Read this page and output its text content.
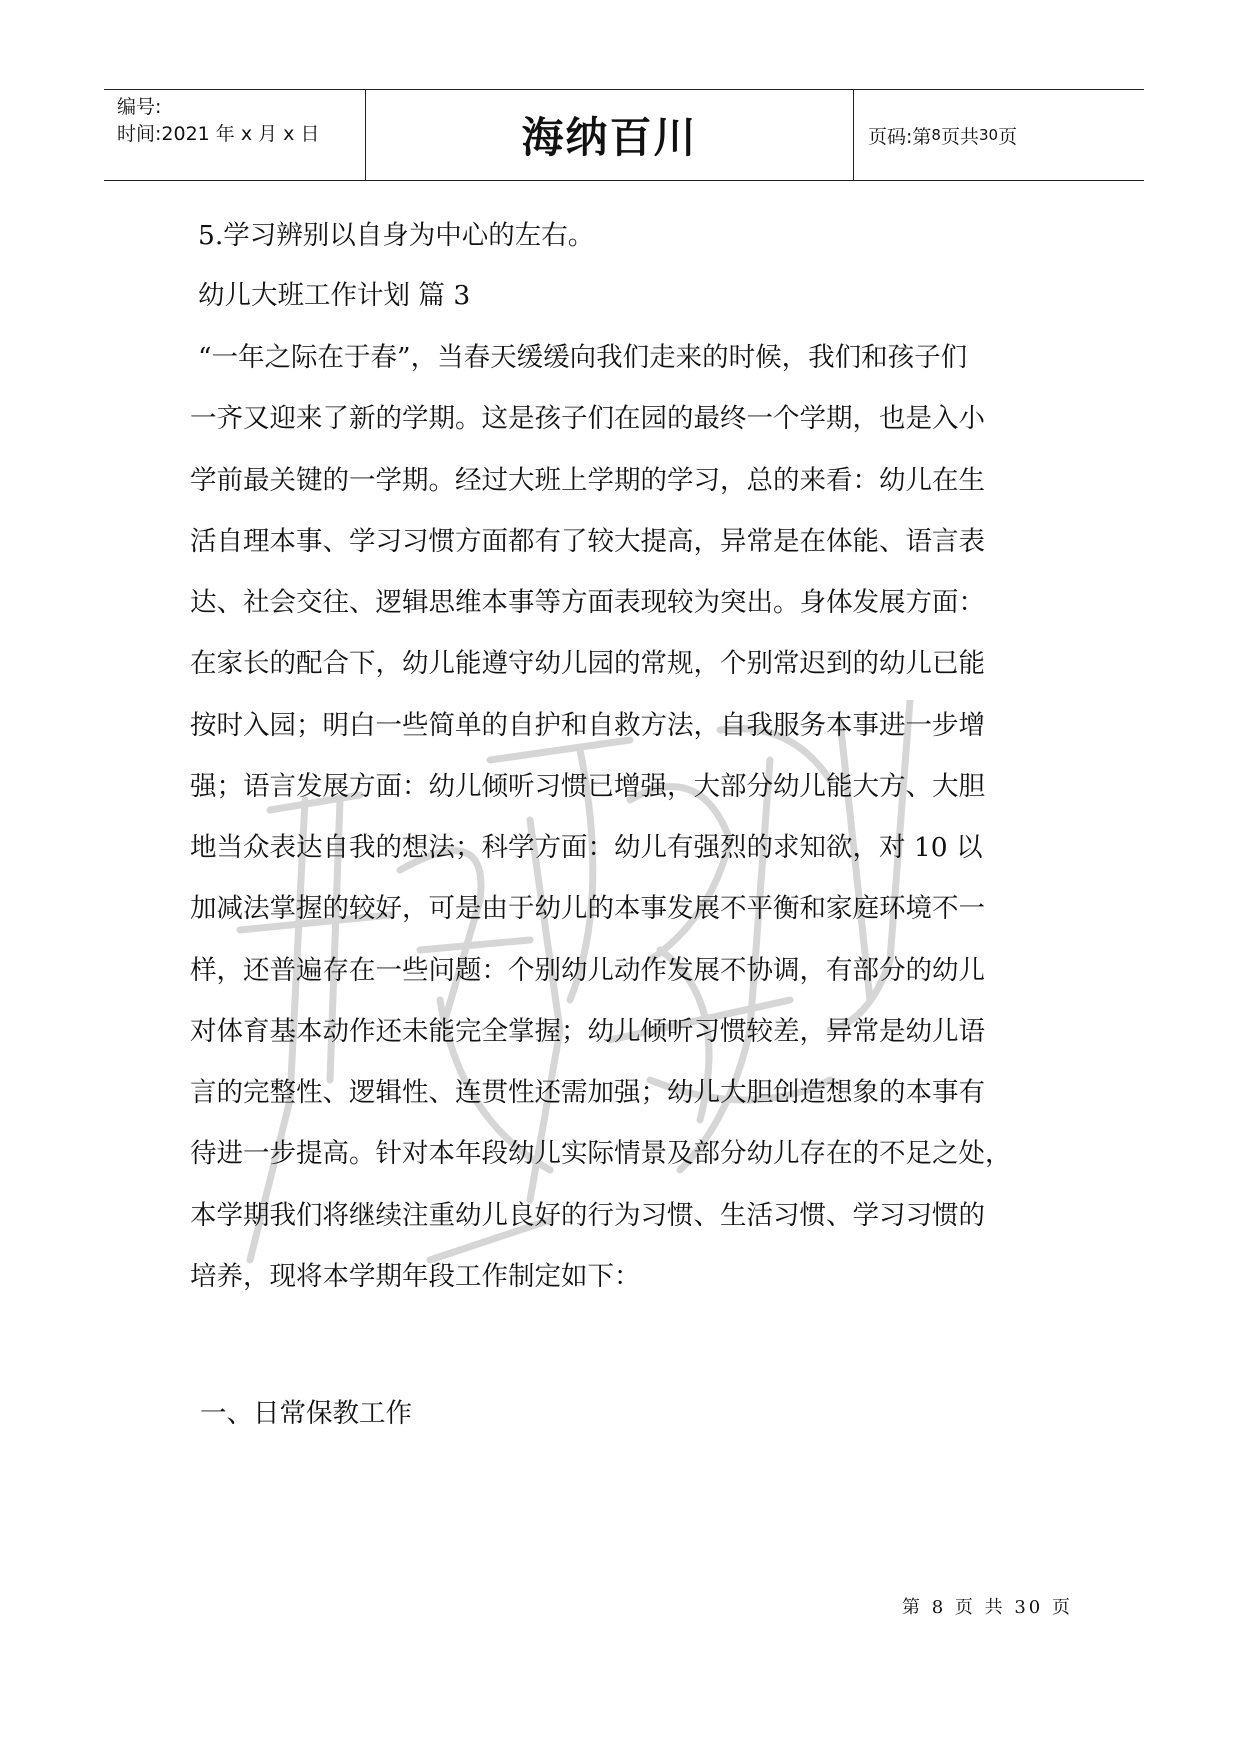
编号:
时间:2021 年 x 月 x 日	海纳百川	页码:第 8 页共 30 页
5.学习辨别以自身为中心的左右。
幼儿大班工作计划 篇 3
“一年之际在于春”，当春天缓缓向我们走来的时候，我们和孩子们
一齐又迎来了新的学期。这是孩子们在园的最终一个学期，也是入小
学前最关键的一学期。经过大班上学期的学习，总的来看：幼儿在生
活自理本事、学习习惯方面都有了较大提高，异常是在体能、语言表
达、社会交往、逻辑思维本事等方面表现较为突出。身体发展方面：
在家长的配合下，幼儿能遵守幼儿园的常规，个别常迟到的幼儿已能
按时入园；明白一些简单的自护和自救方法，自我服务本事进一步增
强；语言发展方面：幼儿倾听习惯已增强，大部分幼儿能大方、大胆
地当众表达自我的想法；科学方面：幼儿有强烈的求知欲，对 10 以
加减法掌握的较好，可是由于幼儿的本事发展不平衡和家庭环境不一
样，还普遍存在一些问题：个别幼儿动作发展不协调，有部分的幼儿
对体育基本动作还未能完全掌握；幼儿倾听习惯较差，异常是幼儿语
言的完整性、逻辑性、连贯性还需加强；幼儿大胆创造想象的本事有
待进一步提高。针对本年段幼儿实际情景及部分幼儿存在的不足之处，
本学期我们将继续注重幼儿良好的行为习惯、生活习惯、学习习惯的
培养，现将本学期年段工作制定如下：
一、日常保教工作
第 8 页 共 30 页
